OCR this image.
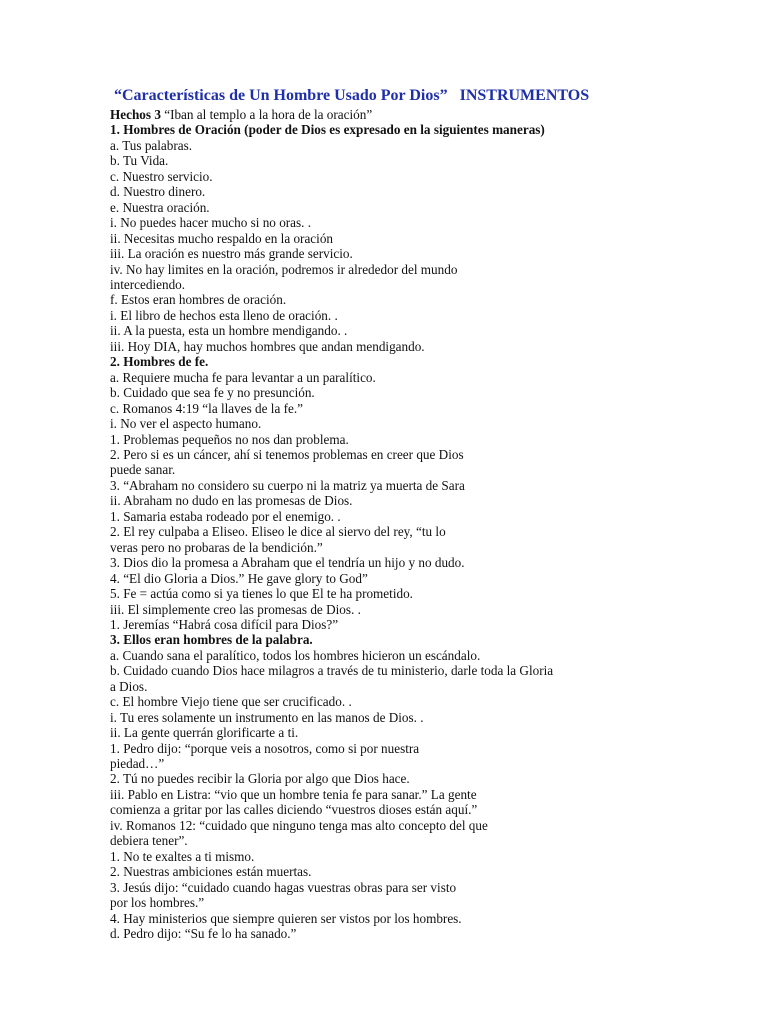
“Características de Un Hombre Usado Por Dios” INSTRUMENTOS
Hechos 3 “Iban al templo a la hora de la oración”
1. Hombres de Oración (poder de Dios es expresado en la siguientes maneras)
a. Tus palabras.
b. Tu Vida.
c. Nuestro servicio.
d. Nuestro dinero.
e. Nuestra oración.
i. No puedes hacer mucho si no oras. .
ii. Necesitas mucho respaldo en la oración
iii. La oración es nuestro más grande servicio.
iv. No hay limites en la oración, podremos ir alrededor del mundo
intercediendo.
f. Estos eran hombres de oración.
i. El libro de hechos esta lleno de oración. .
ii. A la puesta, esta un hombre mendigando. .
iii. Hoy DIA, hay muchos hombres que andan mendigando.
2. Hombres de fe.
a. Requiere mucha fe para levantar a un paralítico.
b. Cuidado que sea fe y no presunción.
c. Romanos 4:19 “la llaves de la fe.”
i. No ver el aspecto humano.
1. Problemas pequeños no nos dan problema.
2. Pero si es un cáncer, ahí si tenemos problemas en creer que Dios
puede sanar.
3. “Abraham no considero su cuerpo ni la matriz ya muerta de Sara
ii. Abraham no dudo en las promesas de Dios.
1. Samaria estaba rodeado por el enemigo. .
2. El rey culpaba a Eliseo. Eliseo le dice al siervo del rey, “tu lo
veras pero no probaras de la bendición.”
3. Dios dio la promesa a Abraham que el tendría un hijo y no dudo.
4. “El dio Gloria a Dios.” He gave glory to God”
5. Fe = actúa como si ya tienes lo que El te ha prometido.
iii. El simplemente creo las promesas de Dios. .
1. Jeremías “Habrá cosa difícil para Dios?”
3. Ellos eran hombres de la palabra.
a. Cuando sana el paralítico, todos los hombres hicieron un escándalo.
b. Cuidado cuando Dios hace milagros a través de tu ministerio, darle toda la Gloria
a Dios.
c. El hombre Viejo tiene que ser crucificado. .
i. Tu eres solamente un instrumento en las manos de Dios. .
ii. La gente querrán glorificarte a ti.
1. Pedro dijo: “porque veis a nosotros, como si por nuestra
piedad…”
2. Tú no puedes recibir la Gloria por algo que Dios hace.
iii. Pablo en Listra: “vio que un hombre tenia fe para sanar.” La gente
comienza a gritar por las calles diciendo “vuestros dioses están aquí.”
iv. Romanos 12: “cuidado que ninguno tenga mas alto concepto del que
debiera tener”.
1. No te exaltes a ti mismo.
2. Nuestras ambiciones están muertas.
3. Jesús dijo: “cuidado cuando hagas vuestras obras para ser visto
por los hombres.”
4. Hay ministerios que siempre quieren ser vistos por los hombres.
d. Pedro dijo: “Su fe lo ha sanado.”
